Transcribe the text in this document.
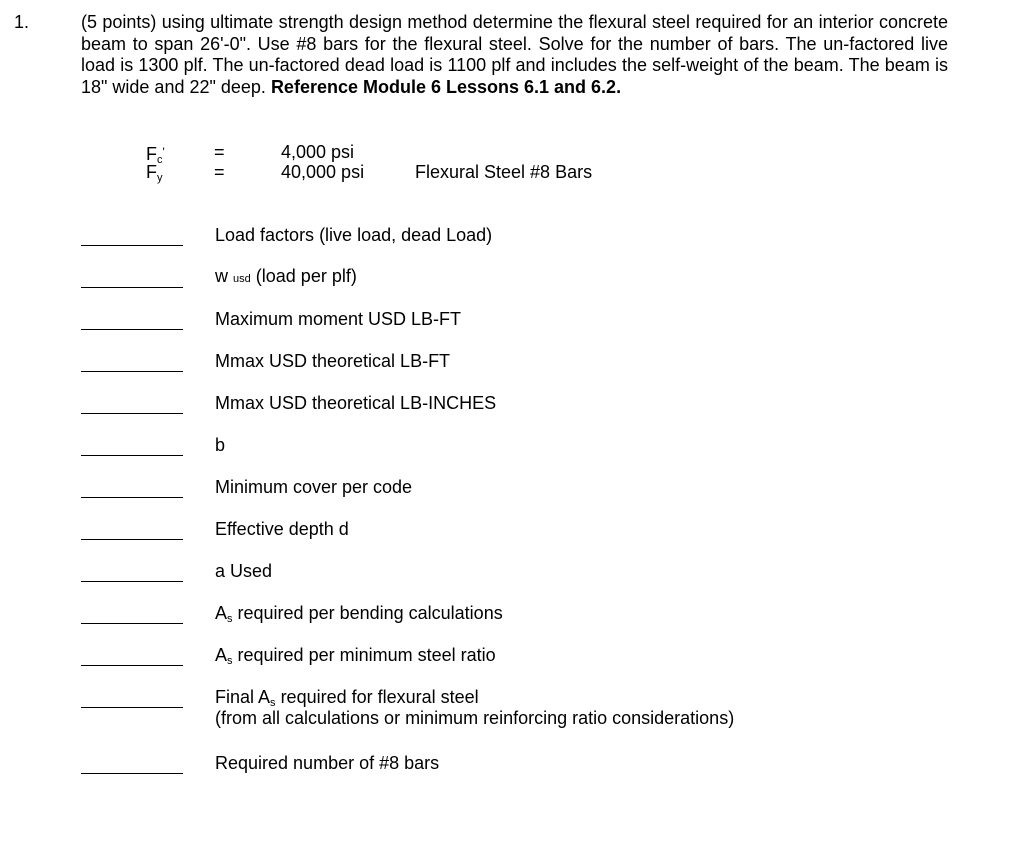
1.	(5 points) using ultimate strength design method determine the flexural steel required for an interior concrete beam to span 26'-0". Use #8 bars for the flexural steel. Solve for the number of bars. The un-factored live load is 1300 plf. The un-factored dead load is 1100 plf and includes the self-weight of the beam. The beam is 18" wide and 22" deep. Reference Module 6 Lessons 6.1 and 6.2.
$F_c'$	=	4,000 psi
$F_y$	=	40,000 psi	Flexural Steel #8 Bars
Load factors (live load, dead Load)
w usd (load per plf)
Maximum moment USD LB-FT
Mmax USD theoretical LB-FT
Mmax USD theoretical LB-INCHES
b
Minimum cover per code
Effective depth d
a Used
$A_s$ required per bending calculations
$A_s$ required per minimum steel ratio
Final $A_s$ required for flexural steel
(from all calculations or minimum reinforcing ratio considerations)
Required number of #8 bars
